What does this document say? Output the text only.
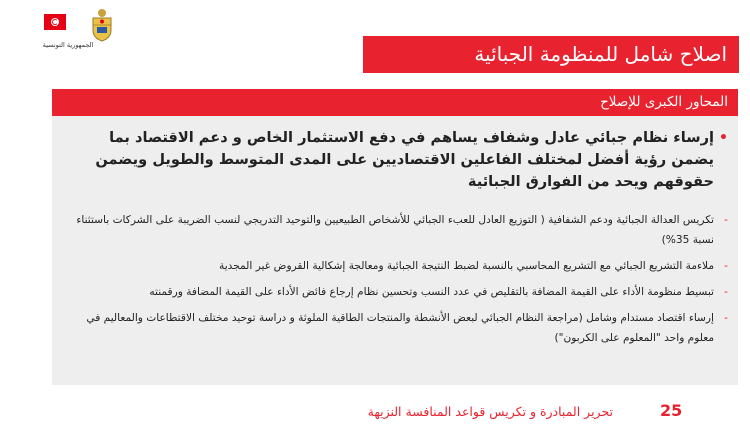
الجمهورية التونسية	اصلاح شامل للمنظومة الجبائية
المحاور الكبرى للإصلاح
•
إرساء نظام جبائي عادل وشفاف يساهم في دفع الاستثمار الخاص و دعم الاقتصاد بما يضمن رؤية أفضل لمختلف الفاعلين الاقتصاديين على المدى المتوسط والطويل ويضمن حقوقهم ويحد من الفوارق الجبائية
-
تكريس العدالة الجبائية ودعم الشفافية ( التوزيع العادل للعبء الجبائي للأشخاص الطبيعيين والتوحيد التدريجي لنسب الضريبة على الشركات باستثناء نسبة 35%)
-
ملاءمة التشريع الجبائي مع التشريع المحاسبي بالنسبة لضبط النتيجة الجبائية ومعالجة إشكالية القروض غير المجدية
-
تبسيط منظومة الأداء على القيمة المضافة بالتقليص في عدد النسب وتحسين نظام إرجاع فائض الأداء على القيمة المضافة ورقمنته
-
إرساء اقتصاد مستدام وشامل (مراجعة النظام الجبائي لبعض الأنشطة والمنتجات الطاقية الملوثة و دراسة توحيد مختلف الاقتطاعات والمعاليم في معلوم واحد "المعلوم على الكربون")
25
تحرير المبادرة و تكريس قواعد المنافسة النزيهة
